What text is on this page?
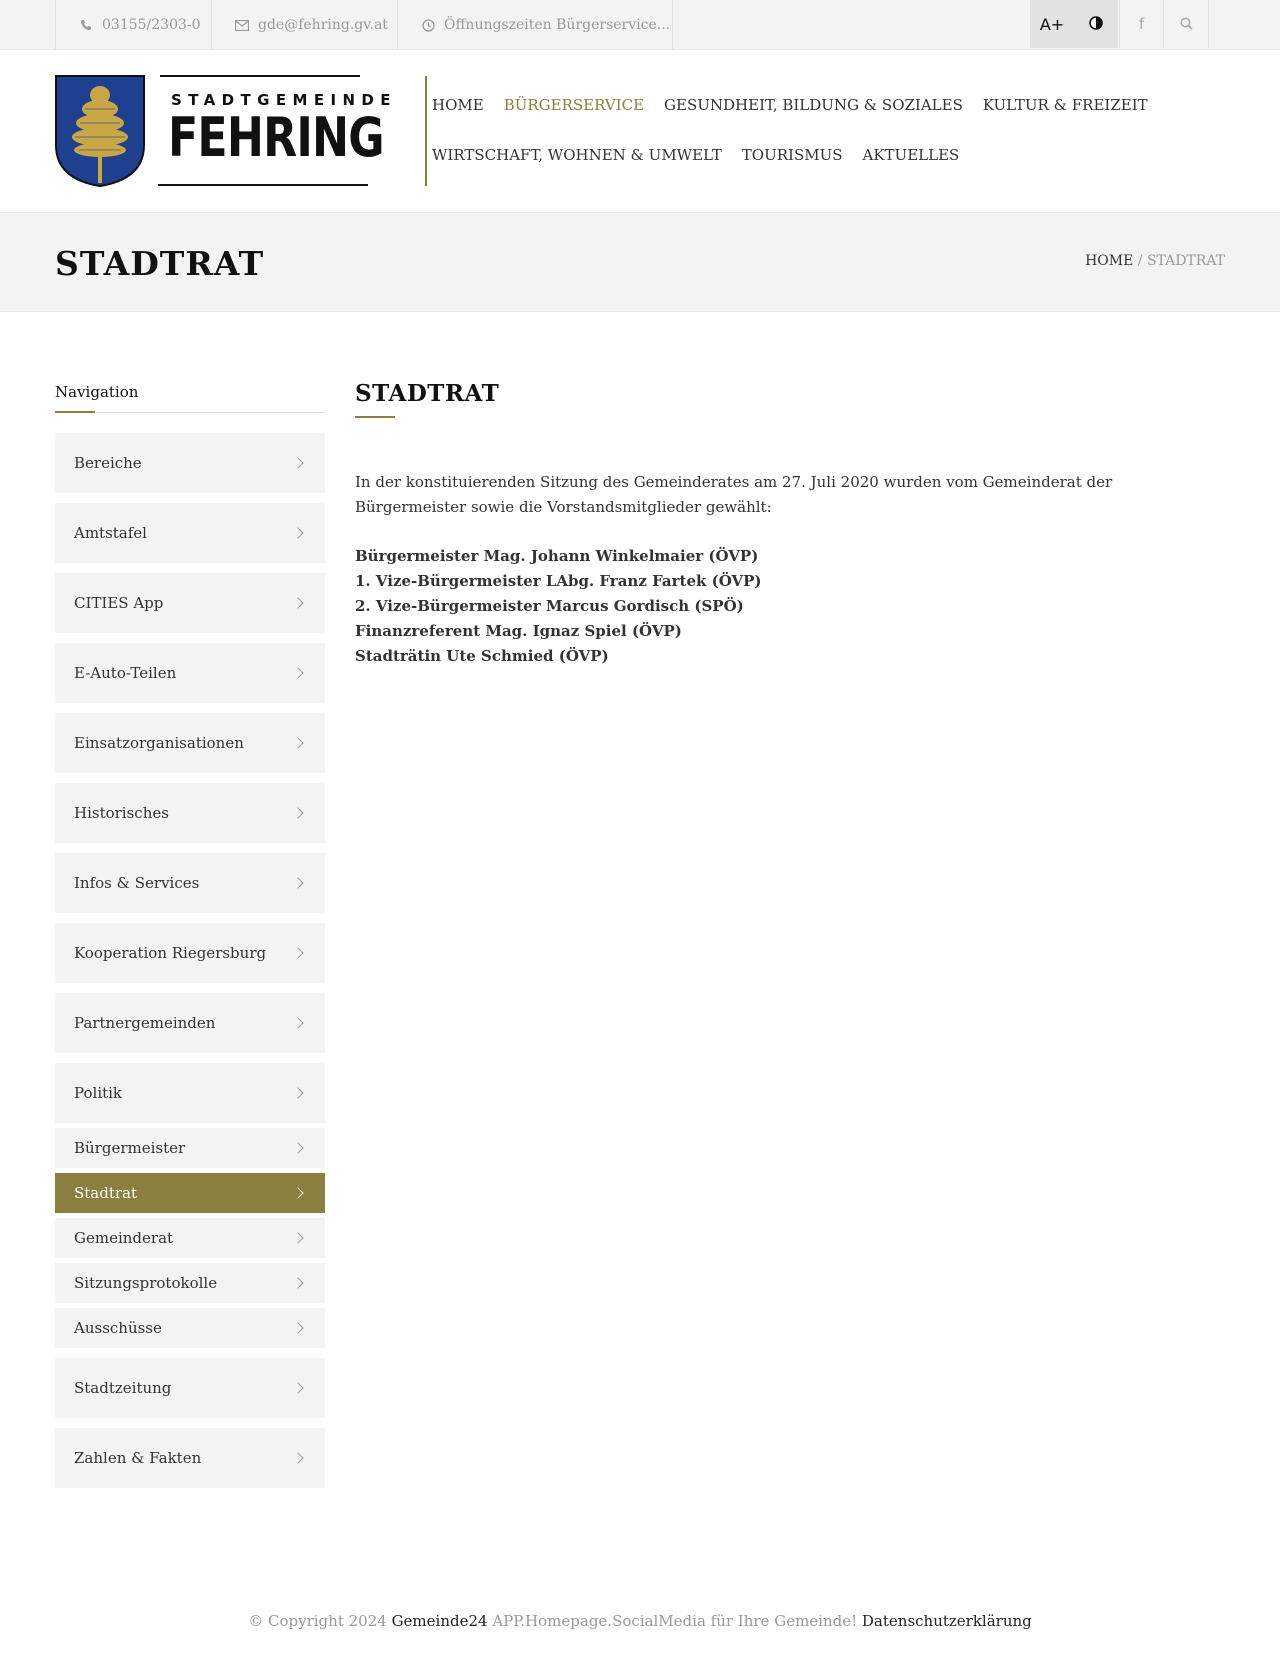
03155/2303-0	gde@fehring.gv.at	Öffnungszeiten Bürgerservice...	A+	f
STADTGEMEINDE
FEHRING
HOME BÜRGERSERVICE GESUNDHEIT, BILDUNG & SOZIALES KULTUR & FREIZEIT
WIRTSCHAFT, WOHNEN & UMWELT TOURISMUS AKTUELLES
STADTRAT	HOME / STADTRAT
Navigation
Bereiche
Amtstafel
CITIES App
E-Auto-Teilen
Einsatzorganisationen
Historisches
Infos & Services
Kooperation Riegersburg
Partnergemeinden
Politik
Bürgermeister
Stadtrat
Gemeinderat
Sitzungsprotokolle
Ausschüsse
Stadtzeitung
Zahlen & Fakten
STADTRAT

In der konstituierenden Sitzung des Gemeinderates am 27. Juli 2020 wurden vom Gemeinderat der Bürgermeister sowie die Vorstandsmitglieder gewählt:

Bürgermeister Mag. Johann Winkelmaier (ÖVP)
1. Vize-Bürgermeister LAbg. Franz Fartek (ÖVP)
2. Vize-Bürgermeister Marcus Gordisch (SPÖ)
Finanzreferent Mag. Ignaz Spiel (ÖVP)
Stadträtin Ute Schmied (ÖVP)
© Copyright 2024 Gemeinde24 APP.Homepage.SocialMedia für Ihre Gemeinde! Datenschutzerklärung
